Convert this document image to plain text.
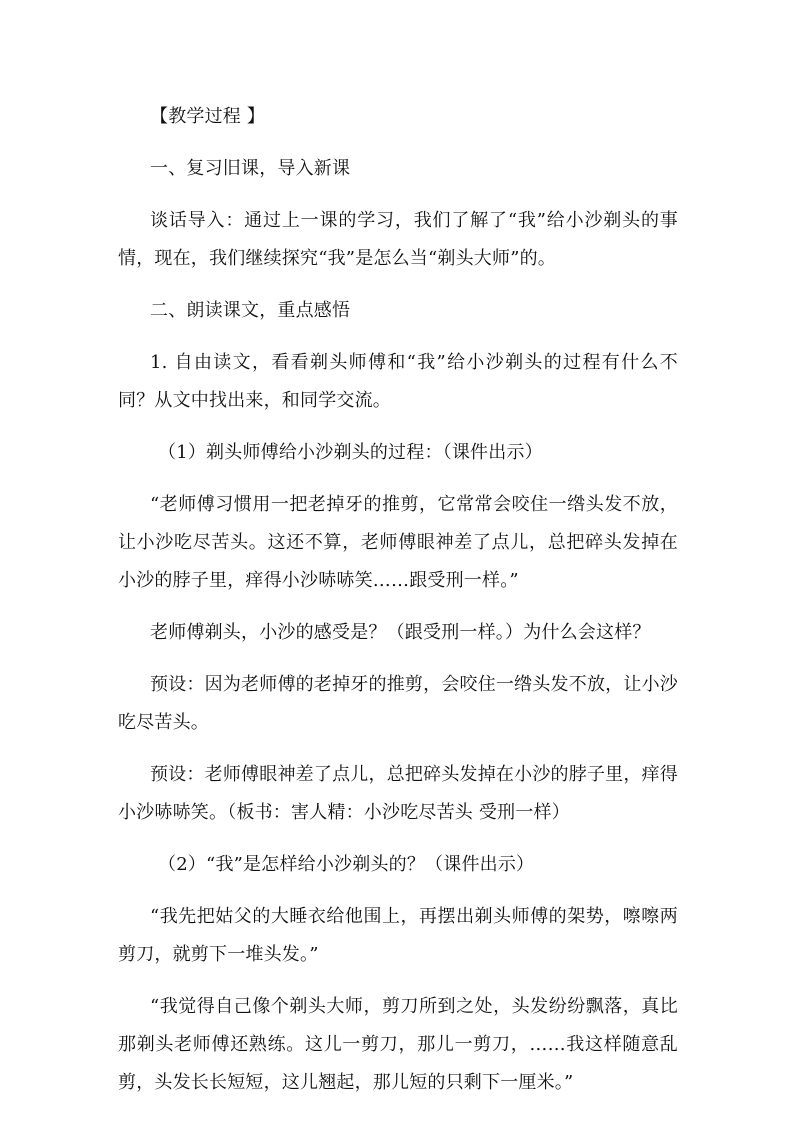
【教学过程 】

一、复习旧课，导入新课

谈话导入：通过上一课的学习，我们了解了“我”给小沙剃头的事情，现在，我们继续探究“我”是怎么当“剃头大师”的。

二、朗读课文，重点感悟

1. 自由读文，看看剃头师傅和“我”给小沙剃头的过程有什么不同？从文中找出来，和同学交流。

（1）剃头师傅给小沙剃头的过程：（课件出示）

“老师傅习惯用一把老掉牙的推剪，它常常会咬住一绺头发不放，让小沙吃尽苦头。这还不算，老师傅眼神差了点儿，总把碎头发掉在小沙的脖子里，痒得小沙哧哧笑……跟受刑一样。”

老师傅剃头，小沙的感受是？（跟受刑一样。）为什么会这样？

预设：因为老师傅的老掉牙的推剪，会咬住一绺头发不放，让小沙吃尽苦头。

预设：老师傅眼神差了点儿，总把碎头发掉在小沙的脖子里，痒得小沙哧哧笑。（板书：害人精：小沙吃尽苦头 受刑一样）

（2）“我”是怎样给小沙剃头的？（课件出示）

“我先把姑父的大睡衣给他围上，再摆出剃头师傅的架势，嚓嚓两剪刀，就剪下一堆头发。”

“我觉得自己像个剃头大师，剪刀所到之处，头发纷纷飘落，真比那剃头老师傅还熟练。这儿一剪刀，那儿一剪刀，……我这样随意乱剪，头发长长短短，这儿翘起，那儿短的只剩下一厘米。”
